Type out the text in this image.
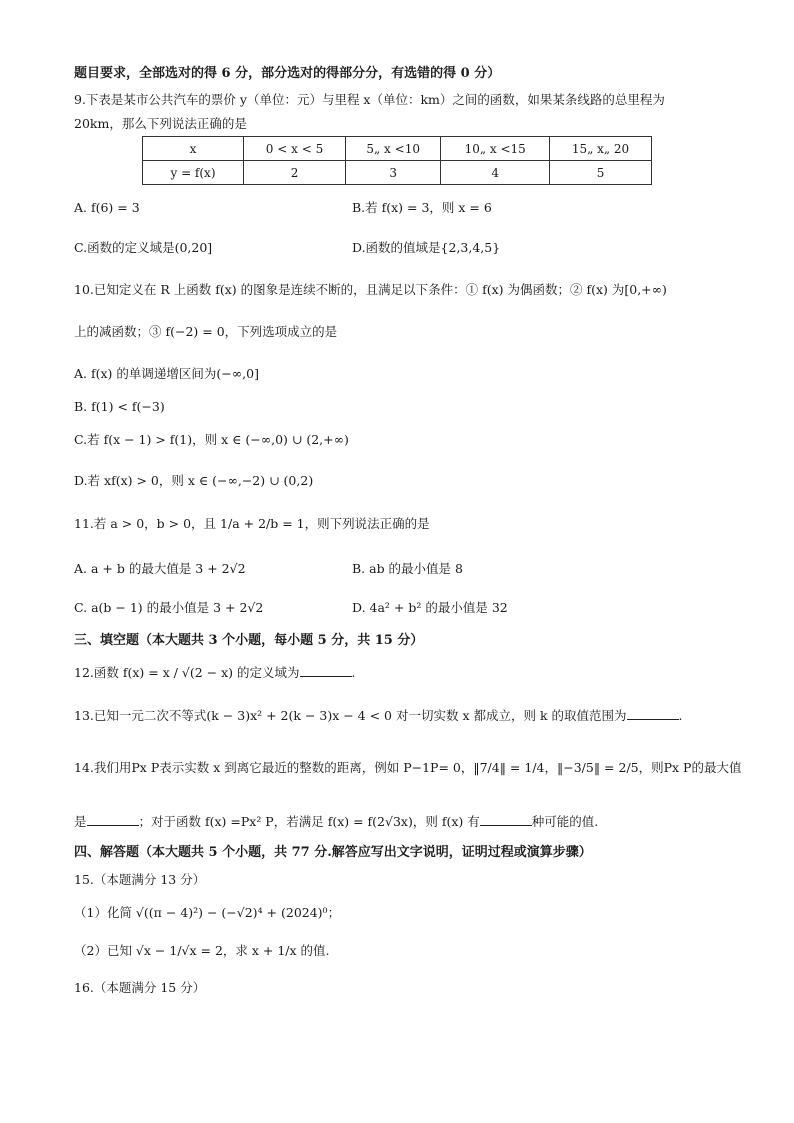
题目要求，全部选对的得 6 分，部分选对的得部分分，有选错的得 0 分）
9.下表是某市公共汽车的票价 y（单位：元）与里程 x（单位：km）之间的函数，如果某条线路的总里程为
20km，那么下列说法正确的是
x	0 < x < 5	5„ x <10	10„ x <15	15„ x„ 20
y = f(x)	2	3	4	5
A. f(6) = 3	B.若 f(x) = 3，则 x = 6
C.函数的定义域是(0,20]	D.函数的值域是{2,3,4,5}
10.已知定义在 R 上函数 f(x) 的图象是连续不断的，且满足以下条件：① f(x) 为偶函数；② f(x) 为[0,+∞)
上的减函数；③ f(−2) = 0，下列选项成立的是
A. f(x) 的单调递增区间为(−∞,0]
B. f(1) < f(−3)
C.若 f(x − 1) > f(1)，则 x ∈ (−∞,0) ∪ (2,+∞)
D.若 xf(x) > 0，则 x ∈ (−∞,−2) ∪ (0,2)
11.若 a > 0，b > 0，且 1/a + 2/b = 1，则下列说法正确的是
A. a + b 的最大值是 3 + 2√2	B. ab 的最小值是 8
C. a(b − 1) 的最小值是 3 + 2√2	D. 4a² + b² 的最小值是 32
三、填空题（本大题共 3 个小题，每小题 5 分，共 15 分）
12.函数 f(x) = x / √(2 − x) 的定义域为	.
13.已知一元二次不等式(k − 3)x² + 2(k − 3)x − 4 < 0 对一切实数 x 都成立，则 k 的取值范围为	.
14.我们用Px P表示实数 x 到离它最近的整数的距离，例如 P−1P= 0，‖7/4‖ = 1/4，‖−3/5‖ = 2/5，则Px P的最大值
是	；对于函数 f(x) =Px² P，若满足 f(x) = f(2√3x)，则 f(x) 有	种可能的值.
四、解答题（本大题共 5 个小题，共 77 分.解答应写出文字说明，证明过程或演算步骤）
15.（本题满分 13 分）
（1）化简 √((π − 4)²) − (−√2)⁴ + (2024)⁰；
（2）已知 √x − 1/√x = 2，求 x + 1/x 的值.
16.（本题满分 15 分）
